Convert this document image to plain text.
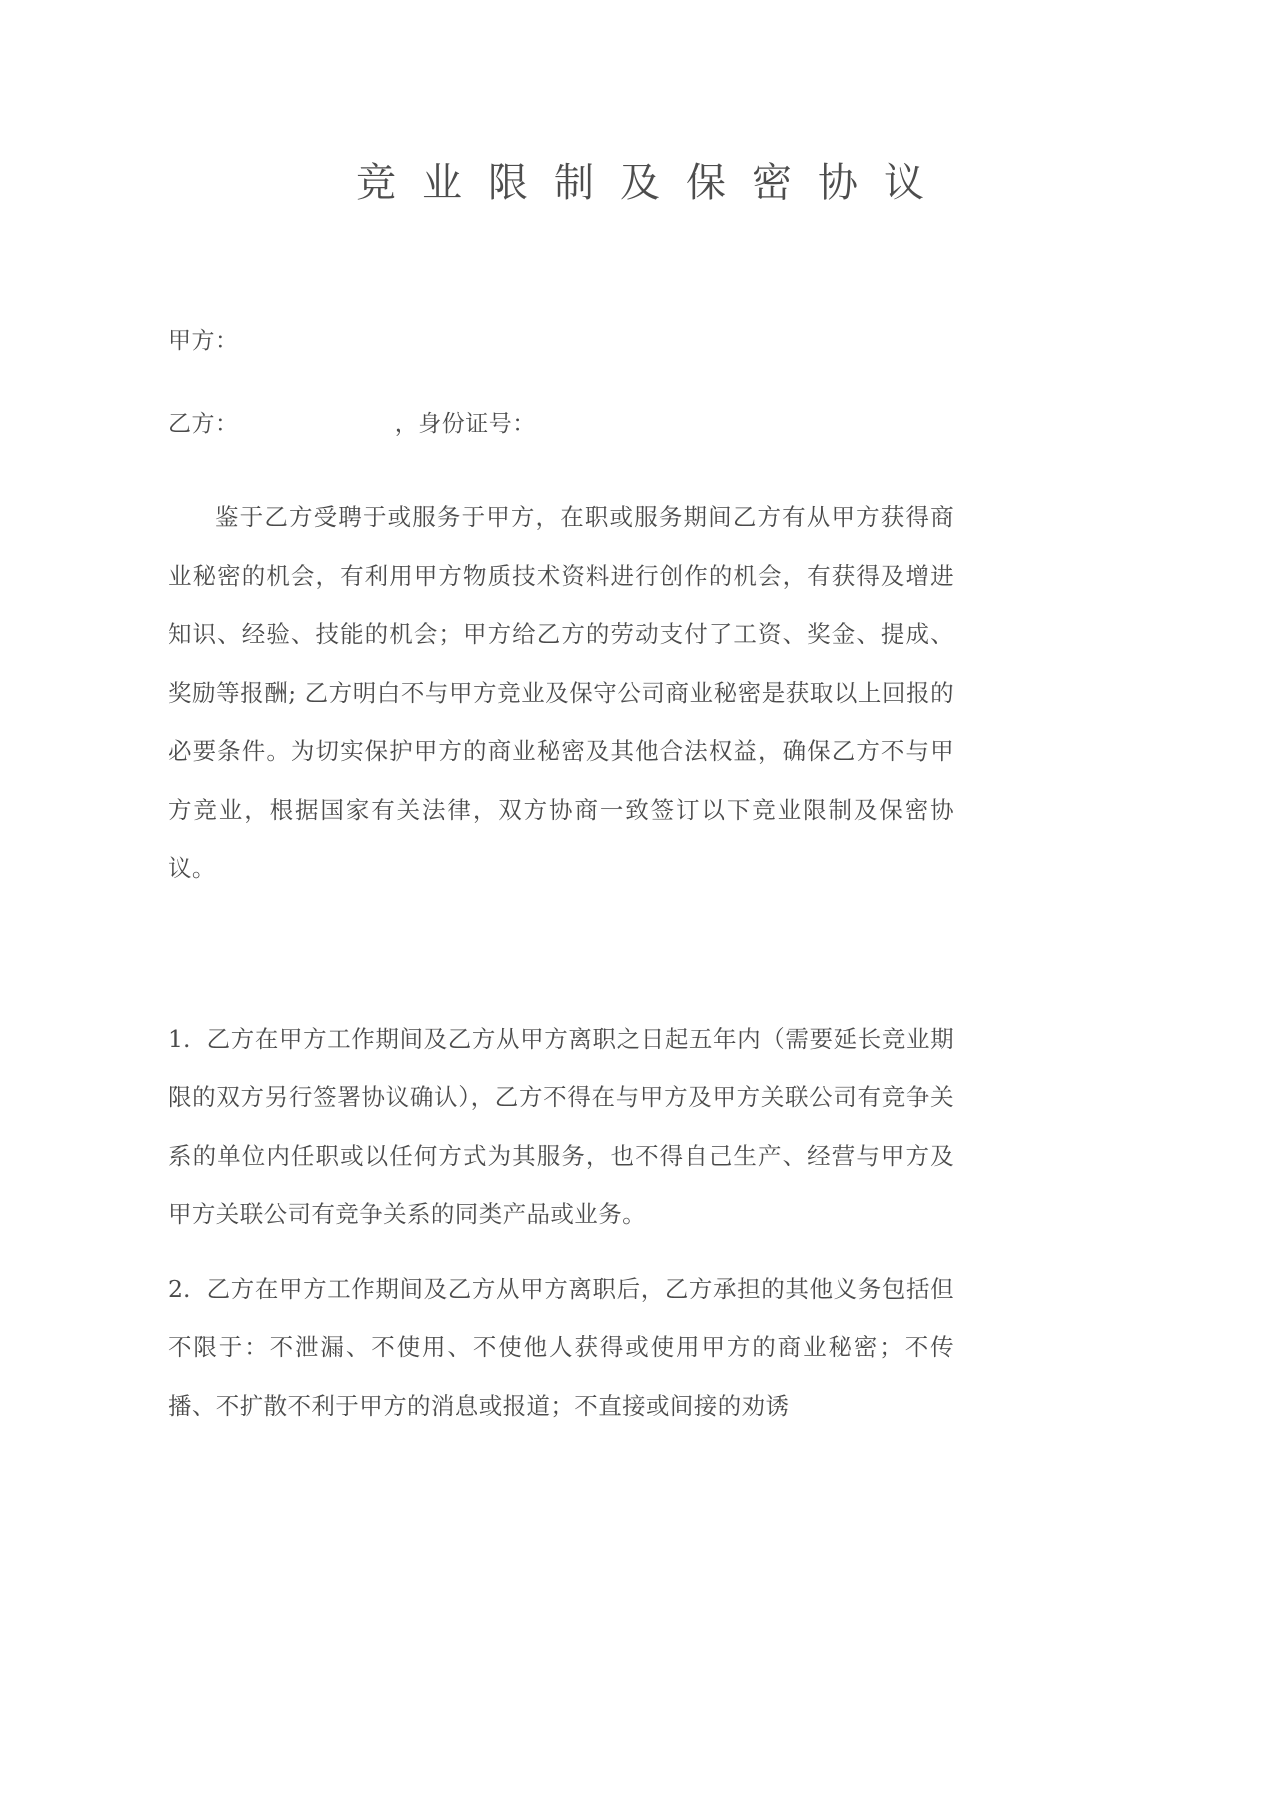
竞业限制及保密协议
甲方：
乙方：	，身份证号：

鉴于乙方受聘于或服务于甲方，在职或服务期间乙方有从甲方获得商业秘密的机会，有利用甲方物质技术资料进行创作的机会，有获得及增进知识、经验、技能的机会；甲方给乙方的劳动支付了工资、奖金、提成、奖励等报酬; 乙方明白不与甲方竞业及保守公司商业秘密是获取以上回报的必要条件。为切实保护甲方的商业秘密及其他合法权益，确保乙方不与甲方竞业，根据国家有关法律，双方协商一致签订以下竞业限制及保密协议。

1. 乙方在甲方工作期间及乙方从甲方离职之日起五年内（需要延长竞业期限的双方另行签署协议确认），乙方不得在与甲方及甲方关联公司有竞争关系的单位内任职或以任何方式为其服务，也不得自己生产、经营与甲方及甲方关联公司有竞争关系的同类产品或业务。

2. 乙方在甲方工作期间及乙方从甲方离职后，乙方承担的其他义务包括但不限于：不泄漏、不使用、不使他人获得或使用甲方的商业秘密；不传播、不扩散不利于甲方的消息或报道；不直接或间接的劝诱
